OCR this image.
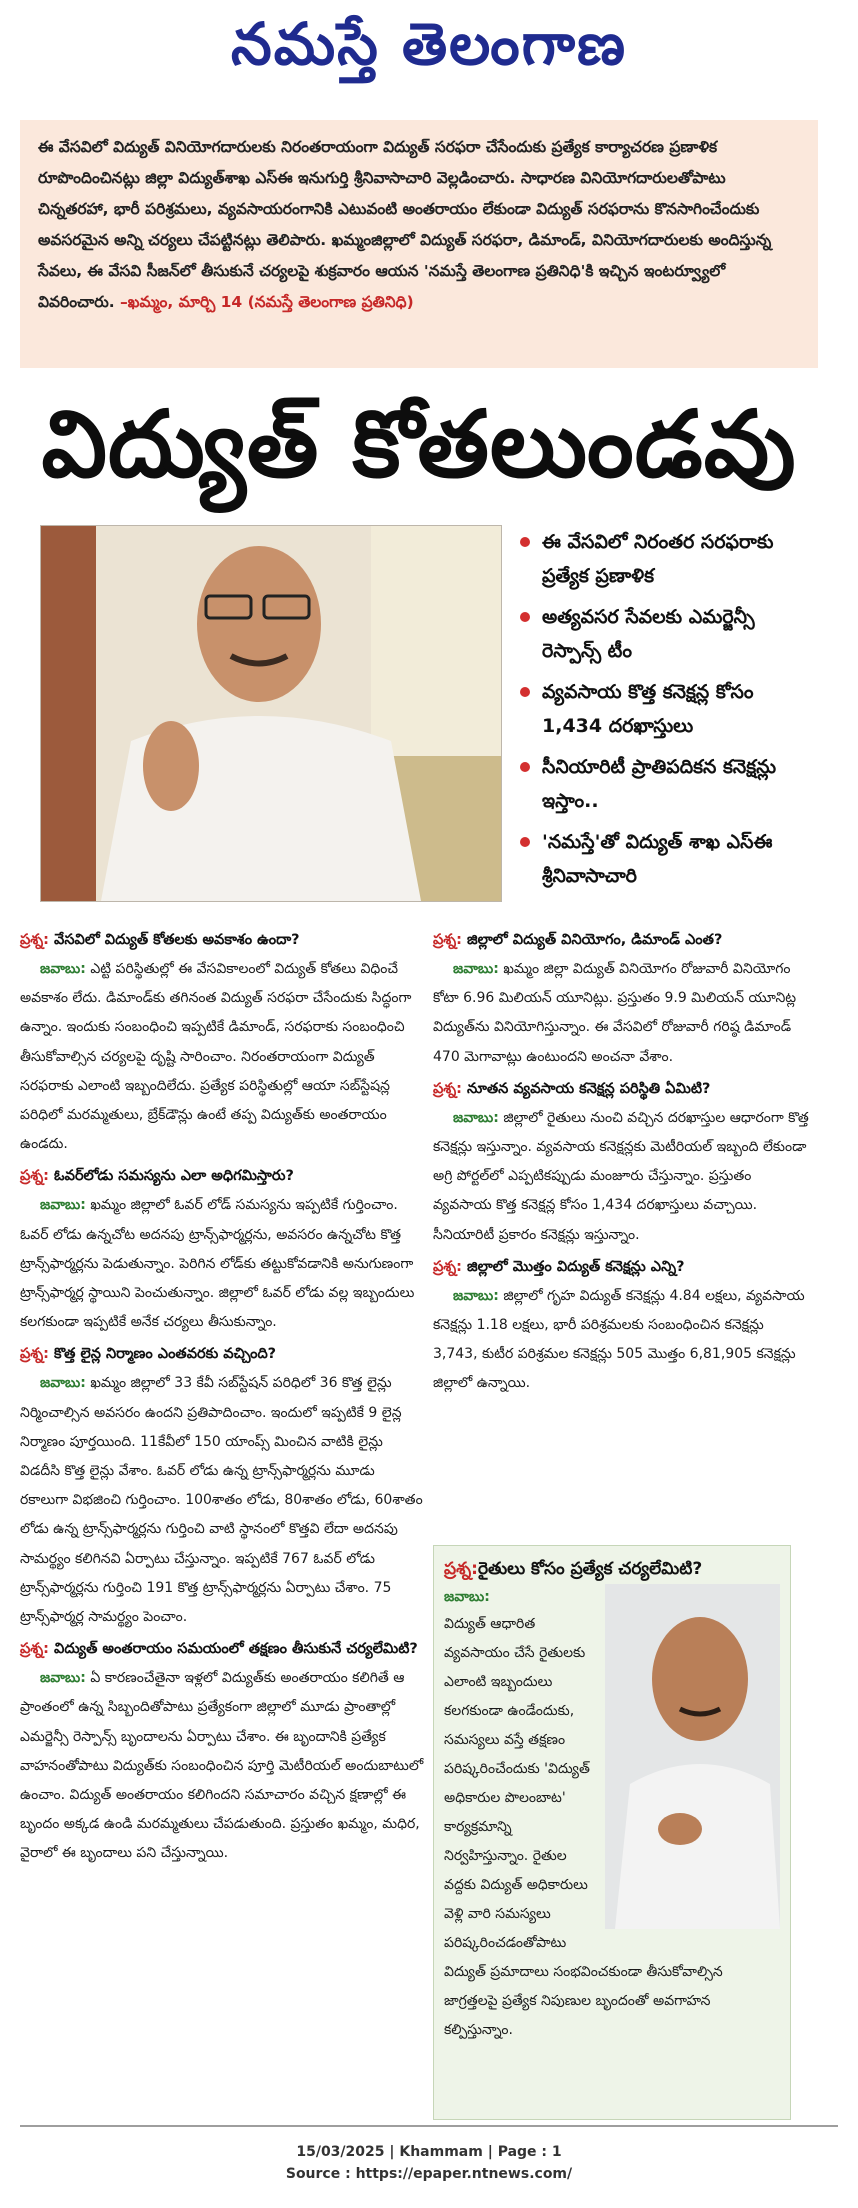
నమస్తే తెలంగాణ

ఈ వేసవిలో విద్యుత్‌ వినియోగదారులకు నిరంతరాయంగా విద్యుత్‌ సరఫరా చేసేందుకు ప్రత్యేక కార్యాచరణ ప్రణాళిక రూపొందించినట్లు జిల్లా విద్యుత్‌శాఖ ఎస్‌ఈ ఇనుగుర్తి శ్రీనివాసాచారి వెల్లడించారు. సాధారణ వినియోగదారులతోపాటు చిన్నతరహా, భారీ పరిశ్రమలు, వ్యవసాయరంగానికి ఎటువంటి అంతరాయం లేకుండా విద్యుత్‌ సరఫరాను కొనసాగించేందుకు అవసరమైన అన్ని చర్యలు చేపట్టినట్లు తెలిపారు. ఖమ్మంజిల్లాలో విద్యుత్‌ సరఫరా, డిమాండ్‌, వినియోగదారులకు అందిస్తున్న సేవలు, ఈ వేసవి సీజన్‌లో తీసుకునే చర్యలపై శుక్రవారం ఆయన 'నమస్తే తెలంగాణ ప్రతినిధి'కి ఇచ్చిన ఇంటర్వ్యూలో వివరించారు. –ఖమ్మం, మార్చి 14 (నమస్తే తెలంగాణ ప్రతినిధి)

విద్యుత్‌ కోతలుండవు
ఈ వేసవిలో నిరంతర సరఫరాకు ప్రత్యేక ప్రణాళిక
అత్యవసర సేవలకు ఎమర్జెన్సీ రెస్పాన్స్‌ టీం
వ్యవసాయ కొత్త కనెక్షన్ల కోసం 1,434 దరఖాస్తులు
సీనియారిటీ ప్రాతిపదికన కనెక్షన్లు ఇస్తాం..
'నమస్తే'తో విద్యుత్‌ శాఖ ఎస్‌ఈ శ్రీనివాసాచారి
ప్రశ్న: వేసవిలో విద్యుత్‌ కోతలకు అవకాశం ఉందా?
జవాబు: ఎట్టి పరిస్థితుల్లో ఈ వేసవికాలంలో విద్యుత్‌ కోతలు విధించే అవకాశం లేదు. డిమాండ్‌కు తగినంత విద్యుత్‌ సరఫరా చేసేందుకు సిద్ధంగా ఉన్నాం. ఇందుకు సంబంధించి ఇప్పటికే డిమాండ్‌, సరఫరాకు సంబంధించి తీసుకోవాల్సిన చర్యలపై దృష్టి సారించాం. నిరంతరాయంగా విద్యుత్‌ సరఫరాకు ఎలాంటి ఇబ్బందిలేదు. ప్రత్యేక పరిస్థితుల్లో ఆయా సబ్‌స్టేషన్ల పరిధిలో మరమ్మతులు, బ్రేక్‌డౌన్లు ఉంటే తప్ప విద్యుత్‌కు అంతరాయం ఉండదు.
ప్రశ్న: ఓవర్‌లోడు సమస్యను ఎలా అధిగమిస్తారు?
జవాబు: ఖమ్మం జిల్లాలో ఓవర్‌ లోడ్‌ సమస్యను ఇప్పటికే గుర్తించాం. ఓవర్‌ లోడు ఉన్నచోట అదనపు ట్రాన్స్‌ఫార్మర్లను, అవసరం ఉన్నచోట కొత్త ట్రాన్స్‌ఫార్మర్లను పెడుతున్నాం. పెరిగిన లోడ్‌కు తట్టుకోవడానికి అనుగుణంగా ట్రాన్స్‌ఫార్మర్ల స్థాయిని పెంచుతున్నాం. జిల్లాలో ఓవర్‌ లోడు వల్ల ఇబ్బందులు కలగకుండా ఇప్పటికే అనేక చర్యలు తీసుకున్నాం.
ప్రశ్న: కొత్త లైన్ల నిర్మాణం ఎంతవరకు వచ్చింది?
జవాబు: ఖమ్మం జిల్లాలో 33 కేవీ సబ్‌స్టేషన్‌ పరిధిలో 36 కొత్త లైన్లు నిర్మించాల్సిన అవసరం ఉందని ప్రతిపాదించాం. ఇందులో ఇప్పటికే 9 లైన్ల నిర్మాణం పూర్తయింది. 11కేవీలో 150 యాంప్స్‌ మించిన వాటికి లైన్లు విడదీసి కొత్త లైన్లు వేశాం. ఓవర్‌ లోడు ఉన్న ట్రాన్స్‌ఫార్మర్లను మూడు రకాలుగా విభజించి గుర్తించాం. 100శాతం లోడు, 80శాతం లోడు, 60శాతం లోడు ఉన్న ట్రాన్స్‌ఫార్మర్లను గుర్తించి వాటి స్థానంలో కొత్తవి లేదా అదనపు సామర్థ్యం కలిగినవి ఏర్పాటు చేస్తున్నాం. ఇప్పటికే 767 ఓవర్‌ లోడు ట్రాన్స్‌ఫార్మర్లను గుర్తించి 191 కొత్త ట్రాన్స్‌ఫార్మర్లను ఏర్పాటు చేశాం. 75 ట్రాన్స్‌ఫార్మర్ల సామర్థ్యం పెంచాం.
ప్రశ్న: విద్యుత్‌ అంతరాయం సమయంలో తక్షణం తీసుకునే చర్యలేమిటి?
జవాబు: ఏ కారణంచేతైనా ఇళ్లలో విద్యుత్‌కు అంతరాయం కలిగితే ఆ ప్రాంతంలో ఉన్న సిబ్బందితోపాటు ప్రత్యేకంగా జిల్లాలో మూడు ప్రాంతాల్లో ఎమర్జెన్సీ రెస్పాన్స్‌ బృందాలను ఏర్పాటు చేశాం. ఈ బృందానికి ప్రత్యేక వాహనంతోపాటు విద్యుత్‌కు సంబంధించిన పూర్తి మెటీరియల్‌ అందుబాటులో ఉంచాం. విద్యుత్‌ అంతరాయం కలిగిందని సమాచారం వచ్చిన క్షణాల్లో ఈ బృందం అక్కడ ఉండి మరమ్మతులు చేపడుతుంది. ప్రస్తుతం ఖమ్మం, మధిర, వైరాలో ఈ బృందాలు పని చేస్తున్నాయి.
ప్రశ్న: జిల్లాలో విద్యుత్‌ వినియోగం, డిమాండ్‌ ఎంత?
జవాబు: ఖమ్మం జిల్లా విద్యుత్‌ వినియోగం రోజువారీ వినియోగం కోటా 6.96 మిలియన్‌ యూనిట్లు. ప్రస్తుతం 9.9 మిలియన్‌ యూనిట్ల విద్యుత్‌ను వినియోగిస్తున్నాం. ఈ వేసవిలో రోజువారీ గరిష్ఠ డిమాండ్‌ 470 మెగావాట్లు ఉంటుందని అంచనా వేశాం.
ప్రశ్న: నూతన వ్యవసాయ కనెక్షన్ల పరిస్థితి ఏమిటి?
జవాబు: జిల్లాలో రైతులు నుంచి వచ్చిన దరఖాస్తుల ఆధారంగా కొత్త కనెక్షన్లు ఇస్తున్నాం. వ్యవసాయ కనెక్షన్లకు మెటీరియల్‌ ఇబ్బంది లేకుండా అగ్రి పోర్టల్‌లో ఎప్పటికప్పుడు మంజూరు చేస్తున్నాం. ప్రస్తుతం వ్యవసాయ కొత్త కనెక్షన్ల కోసం 1,434 దరఖాస్తులు వచ్చాయి. సీనియారిటీ ప్రకారం కనెక్షన్లు ఇస్తున్నాం.
ప్రశ్న: జిల్లాలో మొత్తం విద్యుత్‌ కనెక్షన్లు ఎన్ని?
జవాబు: జిల్లాలో గృహ విద్యుత్‌ కనెక్షన్లు 4.84 లక్షలు, వ్యవసాయ కనెక్షన్లు 1.18 లక్షలు, భారీ పరిశ్రమలకు సంబంధించిన కనెక్షన్లు 3,743, కుటీర పరిశ్రమల కనెక్షన్లు 505 మొత్తం 6,81,905 కనెక్షన్లు జిల్లాలో ఉన్నాయి.
ప్రశ్న:రైతులు కోసం ప్రత్యేక చర్యలేమిటి?
జవాబు:
విద్యుత్‌ ఆధారిత వ్యవసాయం చేసే రైతులకు ఎలాంటి ఇబ్బందులు కలగకుండా ఉండేందుకు, సమస్యలు వస్తే తక్షణం పరిష్కరించేందుకు 'విద్యుత్‌ అధికారుల పొలంబాట' కార్యక్రమాన్ని నిర్వహిస్తున్నాం. రైతుల వద్దకు విద్యుత్‌ అధికారులు వెళ్లి వారి సమస్యలు పరిష్కరించడంతోపాటు విద్యుత్‌ ప్రమాదాలు సంభవించకుండా తీసుకోవాల్సిన జాగ్రత్తలపై ప్రత్యేక నిపుణుల బృందంతో అవగాహన కల్పిస్తున్నాం.
15/03/2025 | Khammam | Page : 1
Source : https://epaper.ntnews.com/
